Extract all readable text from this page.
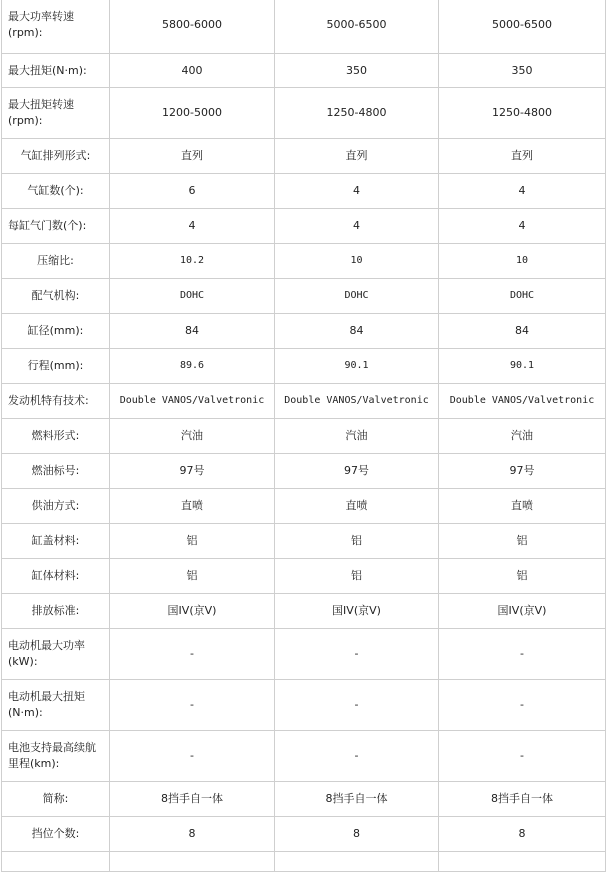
最大功率转速(rpm):	5800-6000	5000-6500	5000-6500
最大扭矩(N·m):	400	350	350
最大扭矩转速(rpm):	1200-5000	1250-4800	1250-4800
气缸排列形式:	直列	直列	直列
气缸数(个):	6	4	4
每缸气门数(个):	4	4	4
压缩比:	10.2	10	10
配气机构:	DOHC	DOHC	DOHC
缸径(mm):	84	84	84
行程(mm):	89.6	90.1	90.1
发动机特有技术:	Double VANOS/Valvetronic	Double VANOS/Valvetronic	Double VANOS/Valvetronic
燃料形式:	汽油	汽油	汽油
燃油标号:	97号	97号	97号
供油方式:	直喷	直喷	直喷
缸盖材料:	铝	铝	铝
缸体材料:	铝	铝	铝
排放标准:	国IV(京V)	国IV(京V)	国IV(京V)
电动机最大功率(kW):	-	-	-
电动机最大扭矩(N·m):	-	-	-
电池支持最高续航里程(km):	-	-	-
简称:	8挡手自一体	8挡手自一体	8挡手自一体
挡位个数:	8	8	8
